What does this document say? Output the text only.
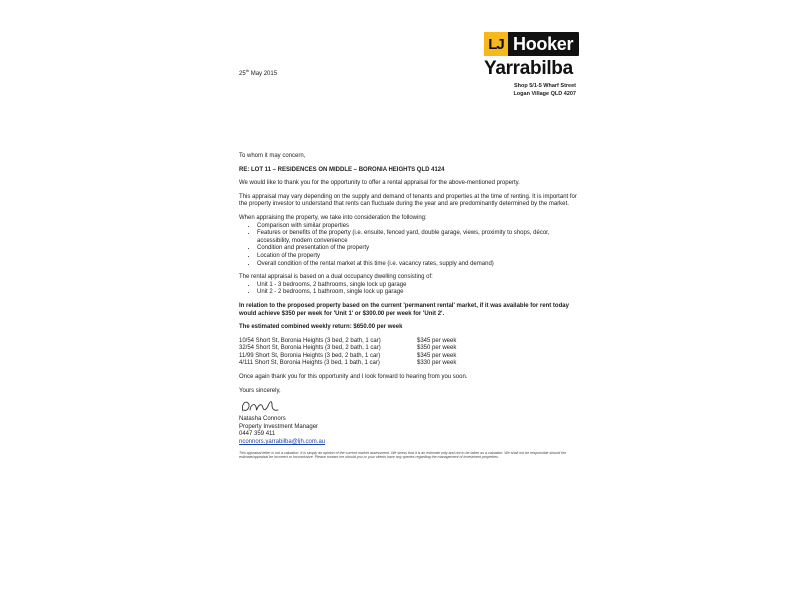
LJ Hooker
Yarrabilba
Shop 5/1-5 Wharf Street
Logan Village QLD 4207
25th May 2015

To whom it may concern,

RE: LOT 11 – RESIDENCES ON MIDDLE – BORONIA HEIGHTS QLD 4124

We would like to thank you for the opportunity to offer a rental appraisal for the above-mentioned property.

This appraisal may vary depending on the supply and demand of tenants and properties at the time of renting. It is important for the property investor to understand that rents can fluctuate during the year and are predominantly determined by the market.

When appraising the property, we take into consideration the following:
• Comparison with similar properties
• Features or benefits of the property (i.e. ensuite, fenced yard, double garage, views, proximity to shops, décor, accessibility, modern convenience
• Condition and presentation of the property
• Location of the property
• Overall condition of the rental market at this time (i.e. vacancy rates, supply and demand)
The rental appraisal is based on a dual occupancy dwelling consisting of:
• Unit 1 - 3 bedrooms, 2 bathrooms, single lock up garage
• Unit 2 - 2 bedrooms, 1 bathroom, single lock up garage

In relation to the proposed property based on the current 'permanent rental' market, if it was available for rent today would achieve $350 per week for 'Unit 1' or $300.00 per week for 'Unit 2'.

The estimated combined weekly return: $650.00 per week

10/54 Short St, Boronia Heights (3 bed, 2 bath, 1 car)	$345 per week
32/54 Short St, Boronia Heights (3 bed, 2 bath, 1 car)	$350 per week
11/99 Short St, Boronia Heights (3 bed, 2 bath, 1 car)	$345 per week
4/111 Short St, Boronia Heights (3 bed, 1 bath, 1 car)	$330 per week

Once again thank you for this opportunity and I look forward to hearing from you soon.

Yours sincerely,
Natasha Connors
Property Investment Manager
0447 359 411
nconnors.yarrabilba@ljh.com.au
This appraisal letter is not a valuation. It is simply an opinion of the current market assessment. We stress that it is an estimate only and not to be taken as a valuation. We shall not be responsible should the estimate/appraisal be incorrect or inconclusive. Please contact me should you or your clients have any queries regarding the management of investment properties.
